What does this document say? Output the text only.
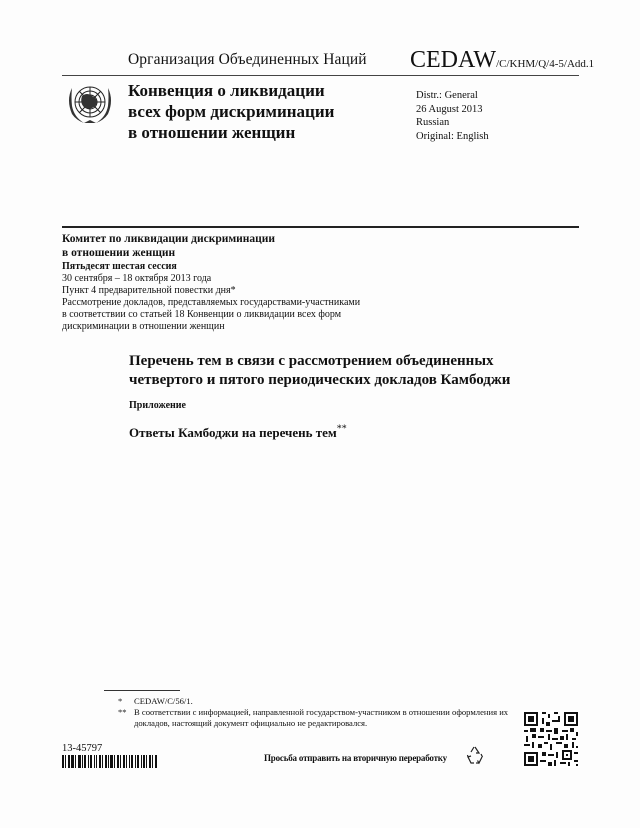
Организация Объединенных Наций CEDAW/C/KHM/Q/4-5/Add.1
Конвенция о ликвидации
всех форм дискриминации
в отношении женщин
Distr.: General
26 August 2013
Russian
Original: English
Комитет по ликвидации дискриминации
в отношении женщин
Пятьдесят шестая сессия
30 сентября – 18 октября 2013 года
Пункт 4 предварительной повестки дня*
Рассмотрение докладов, представляемых государствами-участниками
в соответствии со статьей 18 Конвенции о ликвидации всех форм
дискриминации в отношении женщин
Перечень тем в связи с рассмотрением объединенных
четвертого и пятого периодических докладов Камбоджи
Приложение
Ответы Камбоджи на перечень тем**
*	CEDAW/C/56/1.
** В соответствии с информацией, направленной государством-участником в отношении оформления их докладов, настоящий документ официально не редактировался.
13-45797
Просьба отправить на вторичную переработку
